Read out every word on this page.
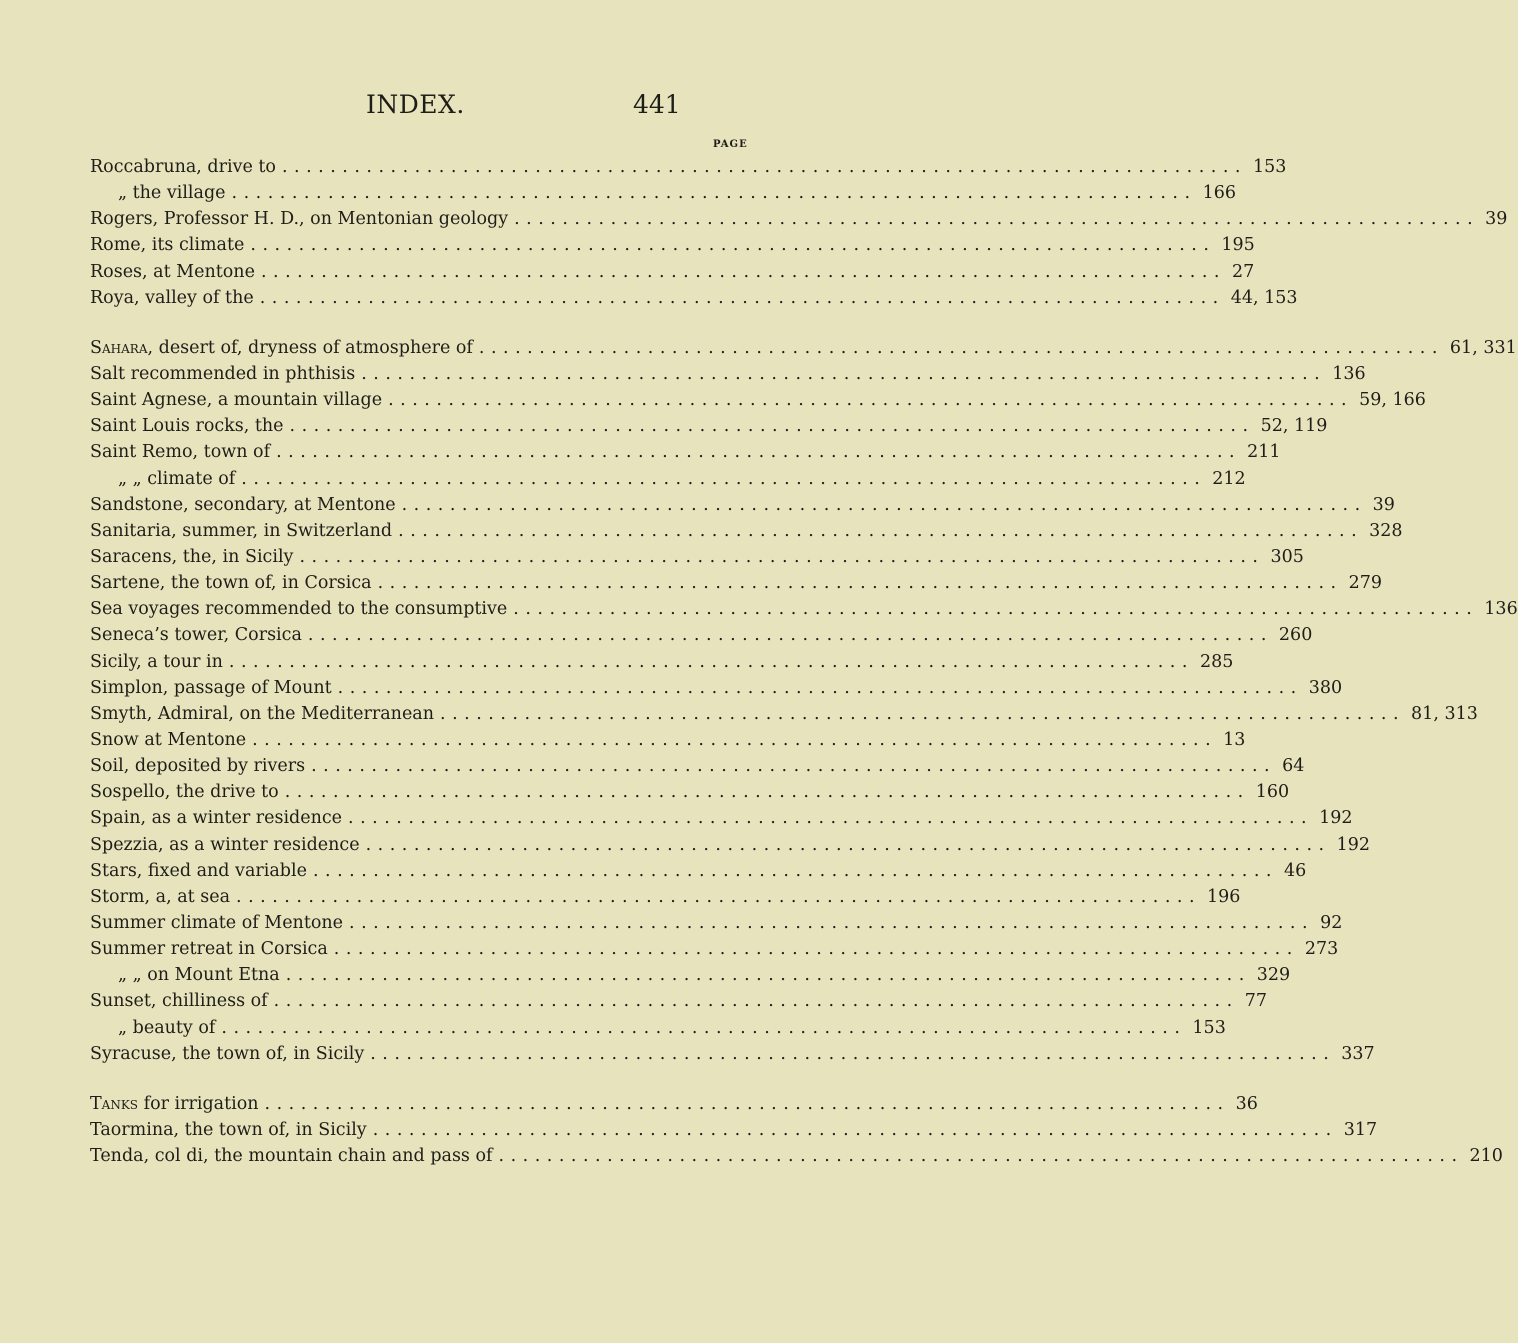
INDEX.	441
PAGE
Roccabruna, drive to ................................................................................ 153
„ the village ................................................................................ 166
Rogers, Professor H. D., on Mentonian geology ................................................................................ 39
Rome, its climate ................................................................................ 195
Roses, at Mentone ................................................................................ 27
Roya, valley of the ................................................................................ 44, 153
Sahara, desert of, dryness of atmosphere of ................................................................................ 61, 331
Salt recommended in phthisis ................................................................................ 136
Saint Agnese, a mountain village ................................................................................ 59, 166
Saint Louis rocks, the ................................................................................ 52, 119
Saint Remo, town of ................................................................................ 211
„ „ climate of ................................................................................ 212
Sandstone, secondary, at Mentone ................................................................................ 39
Sanitaria, summer, in Switzerland ................................................................................ 328
Saracens, the, in Sicily ................................................................................ 305
Sartene, the town of, in Corsica ................................................................................ 279
Sea voyages recommended to the consumptive ................................................................................ 136
Seneca’s tower, Corsica ................................................................................ 260
Sicily, a tour in ................................................................................ 285
Simplon, passage of Mount ................................................................................ 380
Smyth, Admiral, on the Mediterranean ................................................................................ 81, 313
Snow at Mentone ................................................................................ 13
Soil, deposited by rivers ................................................................................ 64
Sospello, the drive to ................................................................................ 160
Spain, as a winter residence ................................................................................ 192
Spezzia, as a winter residence ................................................................................ 192
Stars, fixed and variable ................................................................................ 46
Storm, a, at sea ................................................................................ 196
Summer climate of Mentone ................................................................................ 92
Summer retreat in Corsica ................................................................................ 273
„ „ on Mount Etna ................................................................................ 329
Sunset, chilliness of ................................................................................ 77
„ beauty of ................................................................................ 153
Syracuse, the town of, in Sicily ................................................................................ 337
Tanks for irrigation ................................................................................ 36
Taormina, the town of, in Sicily ................................................................................ 317
Tenda, col di, the mountain chain and pass of ................................................................................ 210
